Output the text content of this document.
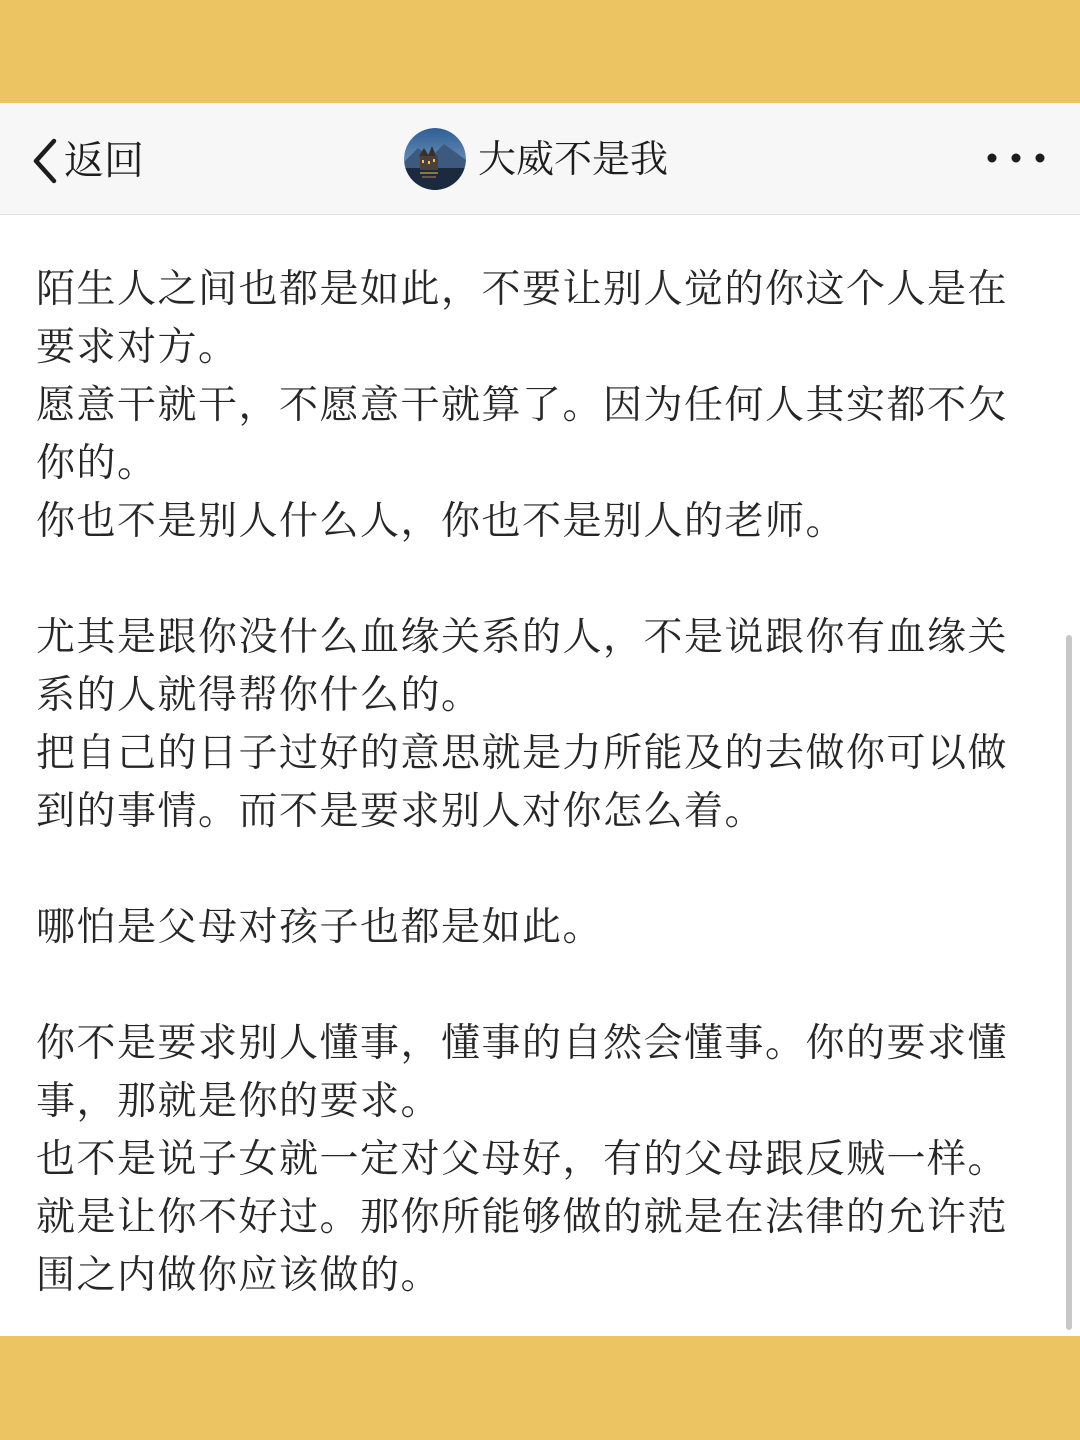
返回	大威不是我

陌生人之间也都是如此，不要让别人觉的你这个人是在

要求对方。

愿意干就干，不愿意干就算了。因为任何人其实都不欠

你的。

你也不是别人什么人，你也不是别人的老师。

尤其是跟你没什么血缘关系的人，不是说跟你有血缘关

系的人就得帮你什么的。

把自己的日子过好的意思就是力所能及的去做你可以做

到的事情。而不是要求别人对你怎么着。

哪怕是父母对孩子也都是如此。

你不是要求别人懂事，懂事的自然会懂事。你的要求懂

事，那就是你的要求。

也不是说子女就一定对父母好，有的父母跟反贼一样。

就是让你不好过。那你所能够做的就是在法律的允许范

围之内做你应该做的。
